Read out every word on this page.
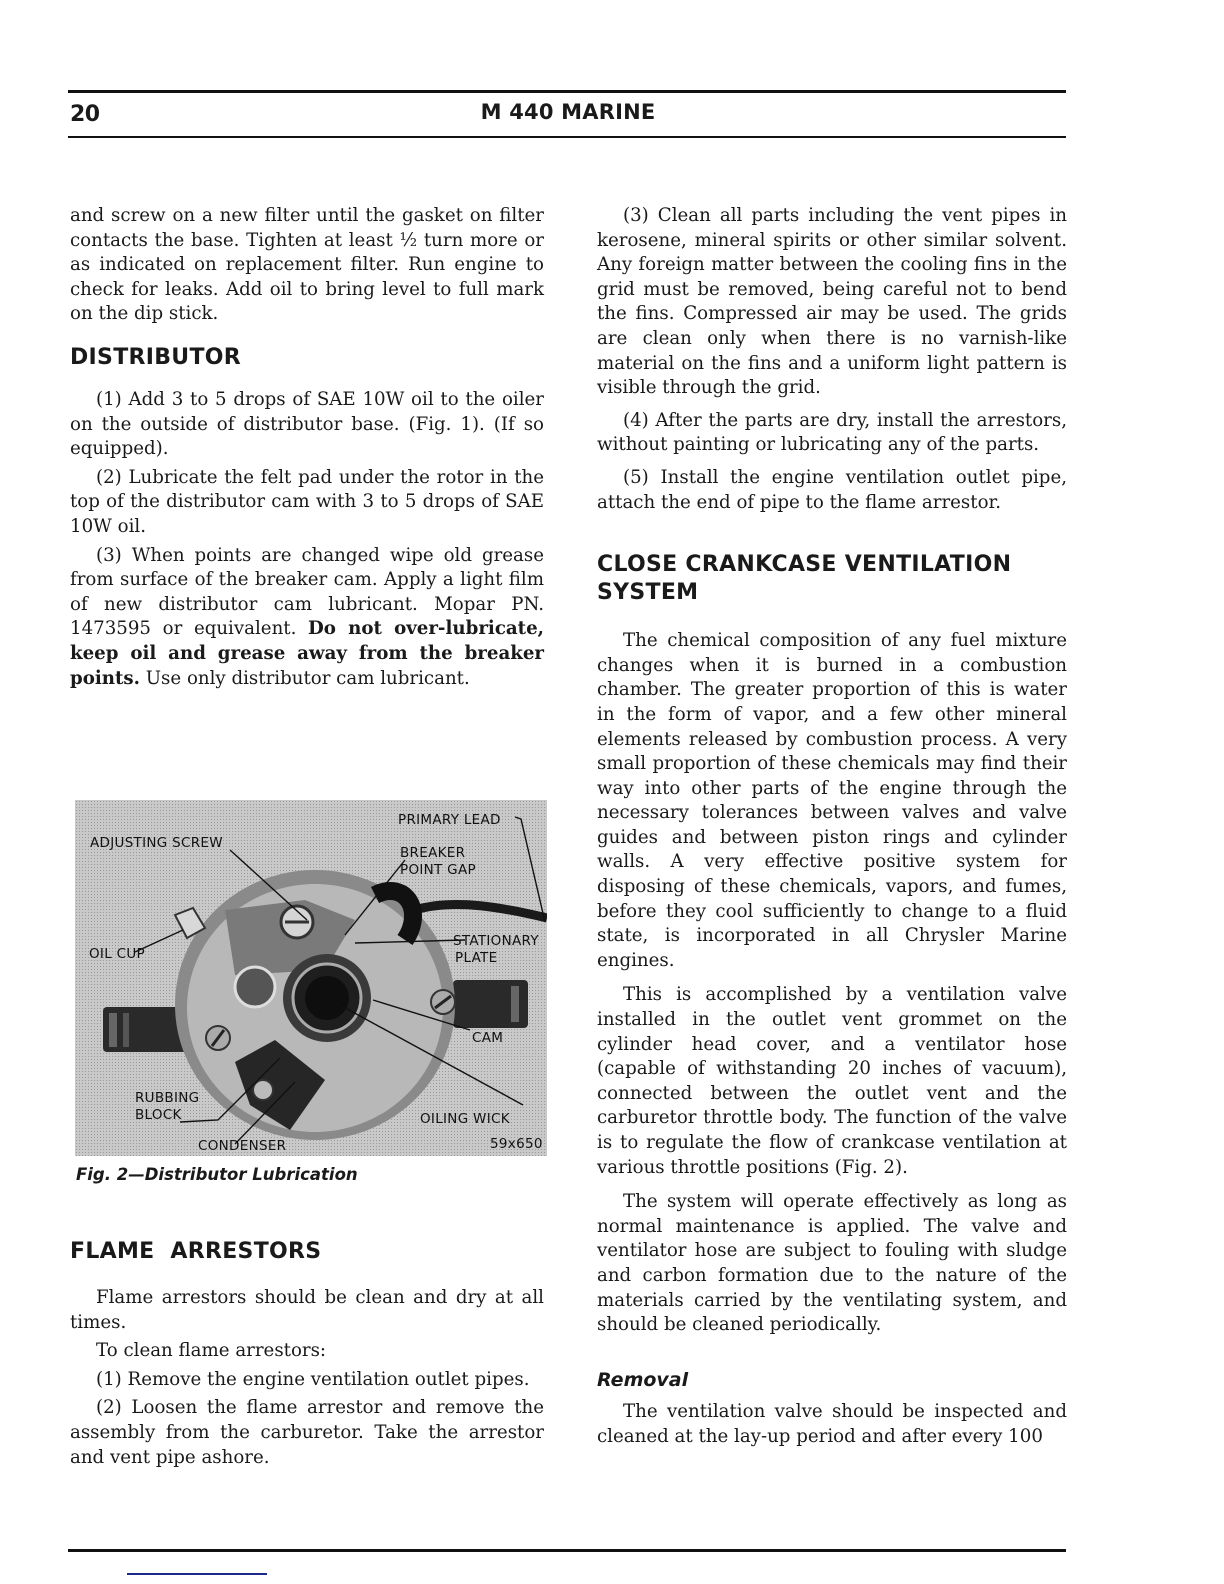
20	M 440 MARINE

and screw on a new filter until the gasket on filter contacts the base. Tighten at least ½ turn more or as indicated on replacement filter. Run engine to check for leaks. Add oil to bring level to full mark on the dip stick.

DISTRIBUTOR

(1) Add 3 to 5 drops of SAE 10W oil to the oiler on the outside of distributor base. (Fig. 1). (If so equipped).

(2) Lubricate the felt pad under the rotor in the top of the distributor cam with 3 to 5 drops of SAE 10W oil.

(3) When points are changed wipe old grease from surface of the breaker cam. Apply a light film of new distributor cam lubricant. Mopar PN. 1473595 or equivalent. Do not over-lubricate, keep oil and grease away from the breaker points. Use only distributor cam lubricant.

PRIMARY LEAD
ADJUSTING SCREW
BREAKER
POINT GAP
OIL CUP
STATIONARY
PLATE
CAM
RUBBING
BLOCK	OILING WICK
CONDENSER	59x650
Fig. 2—Distributor Lubrication
FLAME  ARRESTORS

Flame arrestors should be clean and dry at all times.

To clean flame arrestors:

(1) Remove the engine ventilation outlet pipes.

(2) Loosen the flame arrestor and remove the assembly from the carburetor. Take the arrestor and vent pipe ashore.

(3) Clean all parts including the vent pipes in kerosene, mineral spirits or other similar solvent. Any foreign matter between the cooling fins in the grid must be removed, being careful not to bend the fins. Compressed air may be used. The grids are clean only when there is no varnish-like material on the fins and a uniform light pattern is visible through the grid.

(4) After the parts are dry, install the arrestors, without painting or lubricating any of the parts.

(5) Install the engine ventilation outlet pipe, attach the end of pipe to the flame arrestor.

CLOSE CRANKCASE VENTILATION SYSTEM

The chemical composition of any fuel mixture changes when it is burned in a combustion chamber. The greater proportion of this is water in the form of vapor, and a few other mineral elements released by combustion process. A very small proportion of these chemicals may find their way into other parts of the engine through the necessary tolerances between valves and valve guides and between piston rings and cylinder walls. A very effective positive system for disposing of these chemicals, vapors, and fumes, before they cool sufficiently to change to a fluid state, is incorporated in all Chrysler Marine engines.

This is accomplished by a ventilation valve installed in the outlet vent grommet on the cylinder head cover, and a ventilator hose (capable of withstanding 20 inches of vacuum), connected between the outlet vent and the carburetor throttle body. The function of the valve is to regulate the flow of crankcase ventilation at various throttle positions (Fig. 2).

The system will operate effectively as long as normal maintenance is applied. The valve and ventilator hose are subject to fouling with sludge and carbon formation due to the nature of the materials carried by the ventilating system, and should be cleaned periodically.

Removal

The ventilation valve should be inspected and cleaned at the lay-up period and after every 100
